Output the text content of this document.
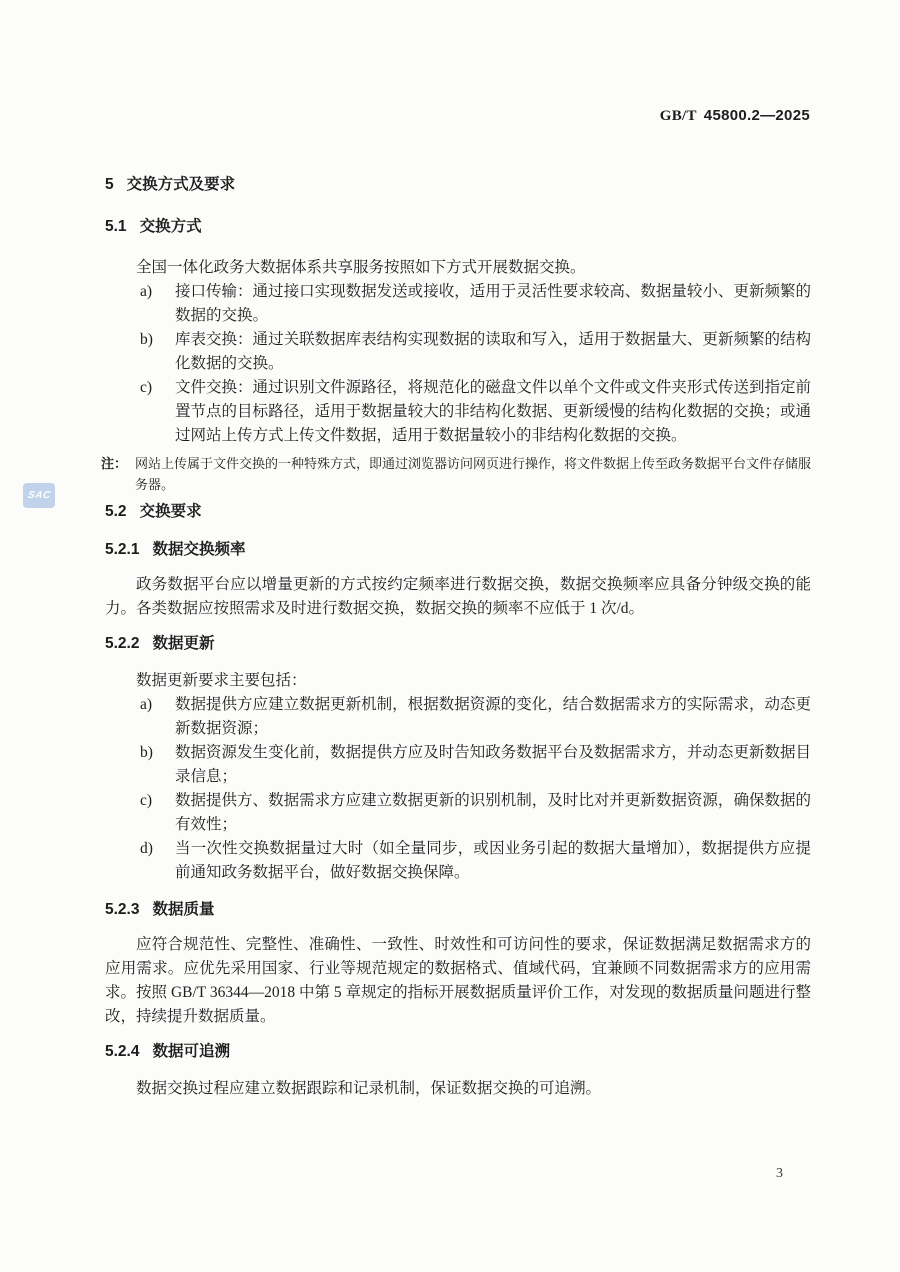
GB/T 45800.2—2025
SAC
5 交换方式及要求
5.1 交换方式

全国一体化政务大数据体系共享服务按照如下方式开展数据交换。

a) 接口传输：通过接口实现数据发送或接收，适用于灵活性要求较高、数据量较小、更新频繁的数据的交换。
b) 库表交换：通过关联数据库表结构实现数据的读取和写入，适用于数据量大、更新频繁的结构化数据的交换。
c) 文件交换：通过识别文件源路径，将规范化的磁盘文件以单个文件或文件夹形式传送到指定前置节点的目标路径，适用于数据量较大的非结构化数据、更新缓慢的结构化数据的交换；或通过网站上传方式上传文件数据，适用于数据量较小的非结构化数据的交换。

注： 网站上传属于文件交换的一种特殊方式，即通过浏览器访问网页进行操作，将文件数据上传至政务数据平台文件存储服务器。

5.2 交换要求
5.2.1 数据交换频率

政务数据平台应以增量更新的方式按约定频率进行数据交换，数据交换频率应具备分钟级交换的能力。各类数据应按照需求及时进行数据交换，数据交换的频率不应低于 1 次/d。

5.2.2 数据更新

数据更新要求主要包括：

a) 数据提供方应建立数据更新机制，根据数据资源的变化，结合数据需求方的实际需求，动态更新数据资源；
b) 数据资源发生变化前，数据提供方应及时告知政务数据平台及数据需求方，并动态更新数据目录信息；
c) 数据提供方、数据需求方应建立数据更新的识别机制，及时比对并更新数据资源，确保数据的有效性；
d) 当一次性交换数据量过大时（如全量同步，或因业务引起的数据大量增加），数据提供方应提前通知政务数据平台，做好数据交换保障。
5.2.3 数据质量

应符合规范性、完整性、准确性、一致性、时效性和可访问性的要求，保证数据满足数据需求方的应用需求。应优先采用国家、行业等规范规定的数据格式、值域代码，宜兼顾不同数据需求方的应用需求。按照 GB/T 36344—2018 中第 5 章规定的指标开展数据质量评价工作，对发现的数据质量问题进行整改，持续提升数据质量。

5.2.4 数据可追溯

数据交换过程应建立数据跟踪和记录机制，保证数据交换的可追溯。

3
